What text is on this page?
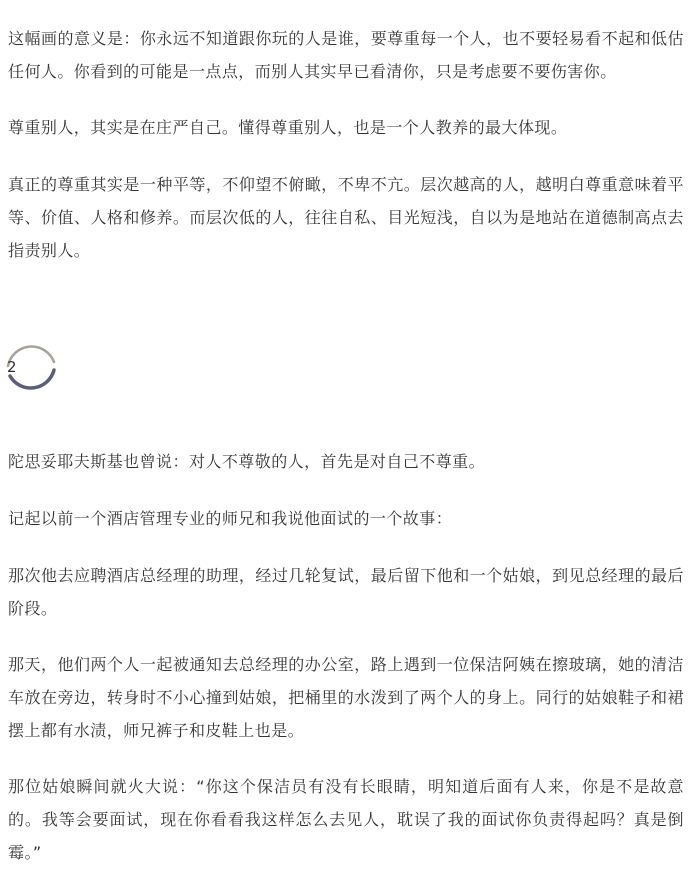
这幅画的意义是：你永远不知道跟你玩的人是谁，要尊重每一个人，也不要轻易看不起和低估任何人。你看到的可能是一点点，而别人其实早已看清你，只是考虑要不要伤害你。

尊重别人，其实是在庄严自己。懂得尊重别人，也是一个人教养的最大体现。

真正的尊重其实是一种平等，不仰望不俯瞰，不卑不亢。层次越高的人，越明白尊重意味着平等、价值、人格和修养。而层次低的人，往往自私、目光短浅，自以为是地站在道德制高点去指责别人。

2

陀思妥耶夫斯基也曾说：对人不尊敬的人，首先是对自己不尊重。

记起以前一个酒店管理专业的师兄和我说他面试的一个故事：

那次他去应聘酒店总经理的助理，经过几轮复试，最后留下他和一个姑娘，到见总经理的最后阶段。

那天，他们两个人一起被通知去总经理的办公室，路上遇到一位保洁阿姨在擦玻璃，她的清洁车放在旁边，转身时不小心撞到姑娘，把桶里的水泼到了两个人的身上。同行的姑娘鞋子和裙摆上都有水渍，师兄裤子和皮鞋上也是。

那位姑娘瞬间就火大说：“你这个保洁员有没有长眼睛，明知道后面有人来，你是不是故意的。我等会要面试，现在你看看我这样怎么去见人，耽误了我的面试你负责得起吗？真是倒霉。”
